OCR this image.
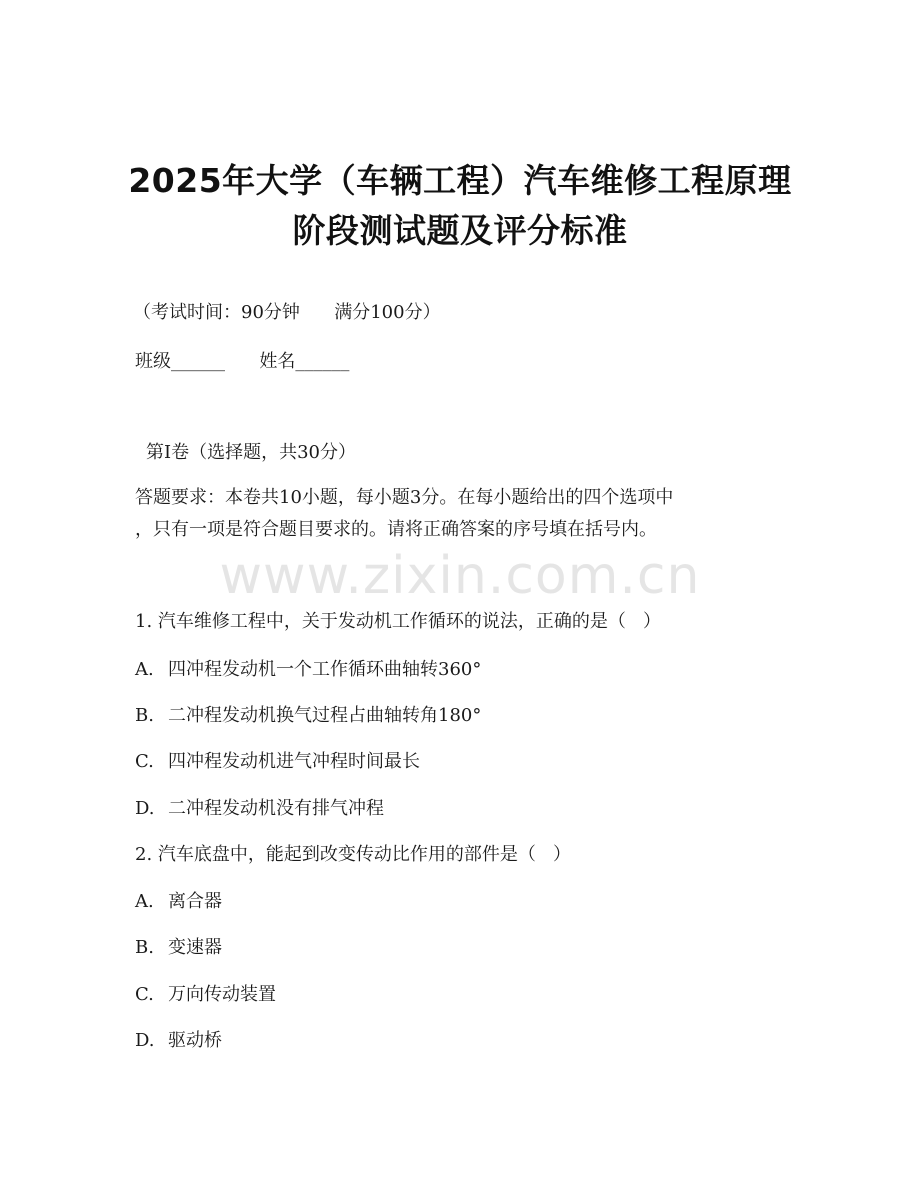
2025年大学（车辆工程）汽车维修工程原理
阶段测试题及评分标准
（考试时间：90分钟      满分100分）
班级______      姓名______
第I卷（选择题，共30分）
答题要求：本卷共10小题，每小题3分。在每小题给出的四个选项中
，只有一项是符合题目要求的。请将正确答案的序号填在括号内。
www.zixin.com.cn
1. 汽车维修工程中，关于发动机工作循环的说法，正确的是（   ）
A. 四冲程发动机一个工作循环曲轴转360°
B. 二冲程发动机换气过程占曲轴转角180°
C. 四冲程发动机进气冲程时间最长
D. 二冲程发动机没有排气冲程
2. 汽车底盘中，能起到改变传动比作用的部件是（   ）
A. 离合器
B. 变速器
C. 万向传动装置
D. 驱动桥
